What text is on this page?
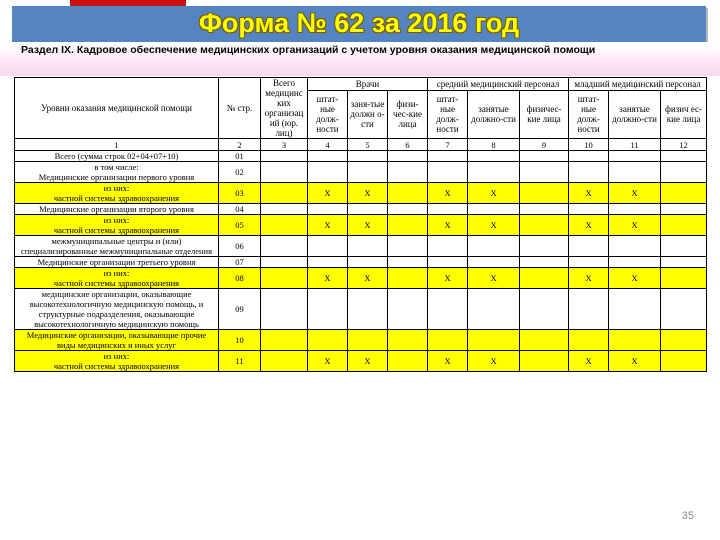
Форма № 62 за 2016 год
Раздел IX. Кадровое обеспечение медицинских организаций с учетом уровня оказания медицинской помощи
Уровни оказания медицинской помощи	№ стр.	Всего медицинс ких организац ий (юр. лиц)	Врачи			средний медицинский персонал			младший медицинский персонал		
			штат-ные долж-ности	заня-тые должн о-сти	физи-чес-кие лица	штат-ные долж-ности	занятые должно-сти	физичес-кие лица	штат-ные долж-ности	занятые должно-сти	физич ес-кие лица
1	2	3	4	5	6	7	8	9	10	11	12
Всего (сумма строк 02+04+07+10)	01										
в том числе:
Медицинские организации первого уровня	02										
из них:
частной системы здравоохранения	03		X	X		X	X		X	X	
Медицинские организации второго уровня	04										
из них:
частной системы здравоохранения	05		X	X		X	X		X	X	
межмуниципальные центры и (или) специализированные межмуниципальные отделения	06										
Медицинские организации третьего уровня	07										
из них:
частной системы здравоохранения	08		X	X		X	X		X	X	
медицинские организации, оказывающие высокотехнологичную медицинскую помощь, и структурные подразделения, оказывающие высокотехнологичную медицинскую помощь	09										
Медицинские организации, оказывающие прочие виды медицинских и иных услуг	10										
из них:
частной системы здравоохранения	11		X	X		X	X		X	X	
35
